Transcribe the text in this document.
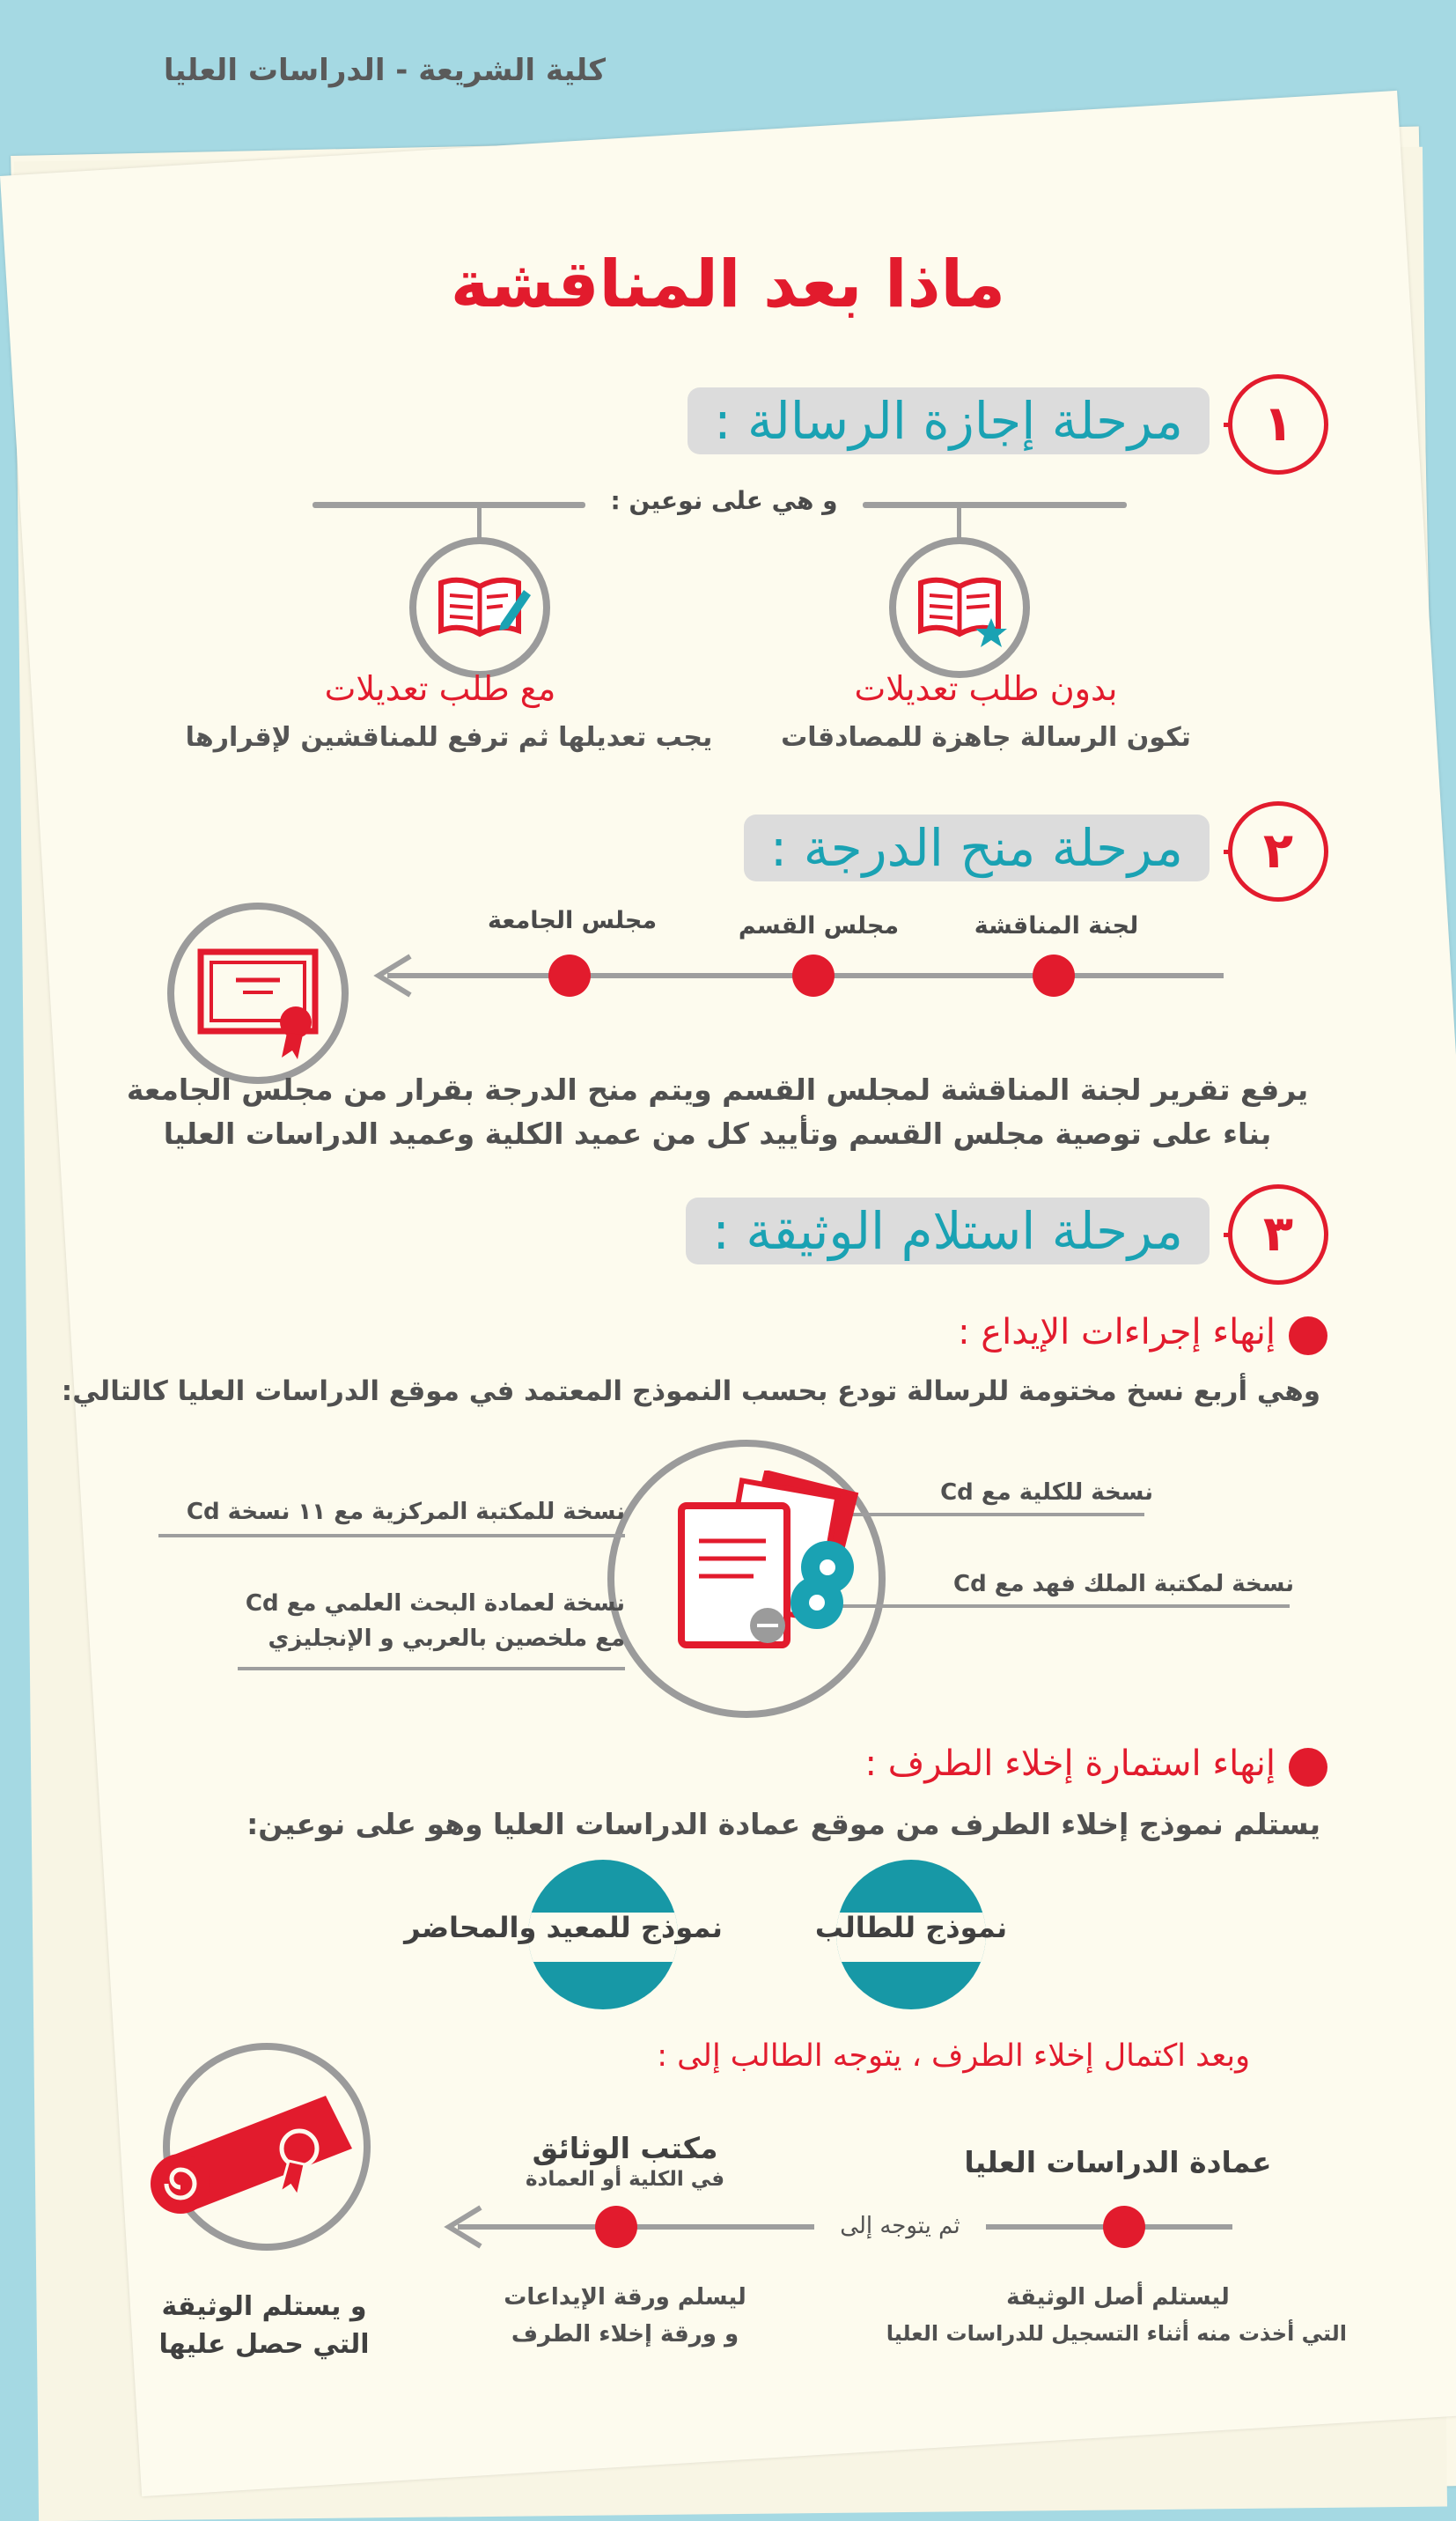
كلية الشريعة - الدراسات العليا
ماذا بعد المناقشة
١
مرحلة إجازة الرسالة :
و هي على نوعين :
مع طلب تعديلات
يجب تعديلها ثم ترفع للمناقشين لإقرارها
بدون طلب تعديلات
تكون الرسالة جاهزة للمصادقات
٢
مرحلة منح الدرجة :
لجنة المناقشة
مجلس القسم
مجلس الجامعة
يرفع تقرير لجنة المناقشة لمجلس القسم ويتم منح الدرجة بقرار من مجلس الجامعة
بناء على توصية مجلس القسم وتأييد كل من عميد الكلية وعميد الدراسات العليا
٣
مرحلة استلام الوثيقة :
إنهاء إجراءات الإيداع :
وهي أربع نسخ مختومة للرسالة تودع بحسب النموذج المعتمد في موقع الدراسات العليا كالتالي:
نسخة للمكتبة المركزية مع ١١ نسخة Cd
نسخة لعمادة البحث العلمي مع Cd
مع ملخصين بالعربي و الإنجليزي
نسخة للكلية مع Cd
نسخة لمكتبة الملك فهد مع Cd
إنهاء استمارة إخلاء الطرف :
يستلم نموذج إخلاء الطرف من موقع عمادة الدراسات العليا وهو على نوعين:
نموذج للمعيد والمحاضر	نموذج للطالب
وبعد اكتمال إخلاء الطرف ، يتوجه الطالب إلى :
و يستلم الوثيقة
التي حصل عليها
ثم يتوجه إلى
عمادة الدراسات العليا
مكتب الوثائق
في الكلية أو العمادة
ليستلم أصل الوثيقة
التي أخذت منه أثناء التسجيل للدراسات العليا
ليسلم ورقة الإيداعات
و ورقة إخلاء الطرف
